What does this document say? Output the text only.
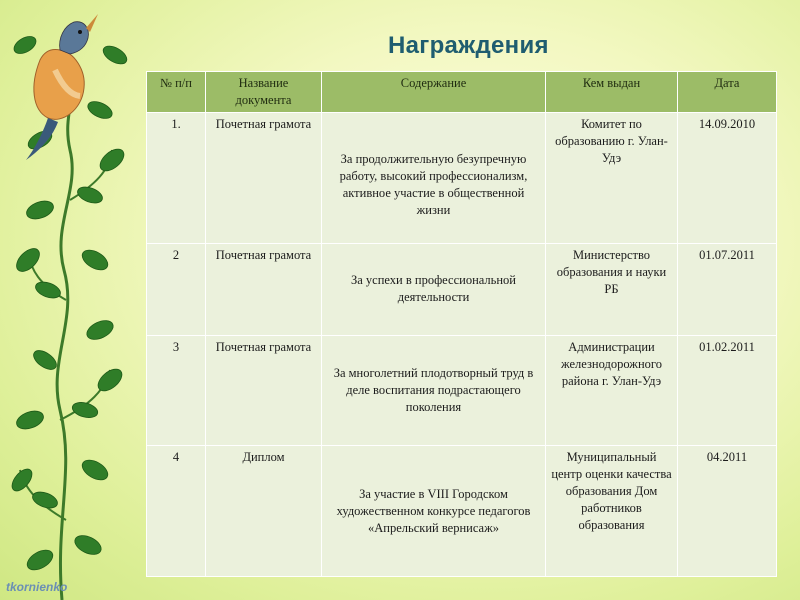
Награждения
№ п/п	Название документа	Содержание	Кем выдан	Дата
1.	Почетная грамота	За продолжительную безупречную работу, высокий профессионализм, активное участие в общественной жизни	Комитет по образованию г. Улан-Удэ	14.09.2010
2	Почетная грамота	За успехи в профессиональной деятельности	Министерство образования и науки РБ	01.07.2011
3	Почетная грамота	За многолетний плодотворный труд в деле воспитания подрастающего поколения	Администрации железнодорожного района г. Улан-Удэ	01.02.2011
4	Диплом	За участие в VIII Городском художественном конкурсе педагогов «Апрельский вернисаж»	Муниципальный центр оценки качества образования Дом работников образования	04.2011
tkornienko
